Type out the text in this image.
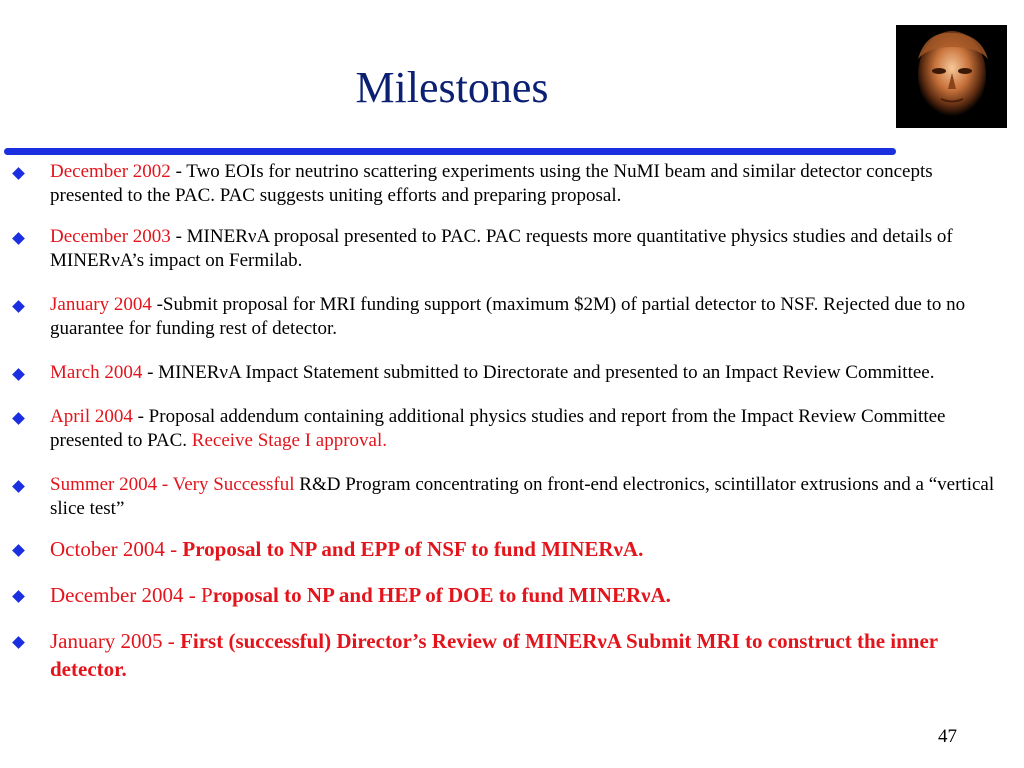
Milestones
December 2002 - Two EOIs for neutrino scattering experiments using the NuMI beam and similar detector concepts presented to the PAC. PAC suggests uniting efforts and preparing proposal.
December 2003 - MINERνA proposal presented to PAC. PAC requests more quantitative physics studies and details of MINERνA’s impact on Fermilab.
January 2004 -Submit proposal for MRI funding support (maximum $2M) of partial detector to NSF. Rejected due to no guarantee for funding rest of detector.
March 2004 - MINERνA Impact Statement submitted to Directorate and presented to an Impact Review Committee.
April 2004 - Proposal addendum containing additional physics studies and report from the Impact Review Committee presented to PAC. Receive Stage I approval.
Summer 2004 - Very Successful R&D Program concentrating on front-end electronics, scintillator extrusions and a “vertical slice test”
October 2004 - Proposal to NP and EPP of NSF to fund MINERνA.
December 2004 - Proposal to NP and HEP of DOE to fund MINERνA.
January 2005 - First (successful) Director’s Review of MINERνA Submit MRI to construct the inner detector.
47
